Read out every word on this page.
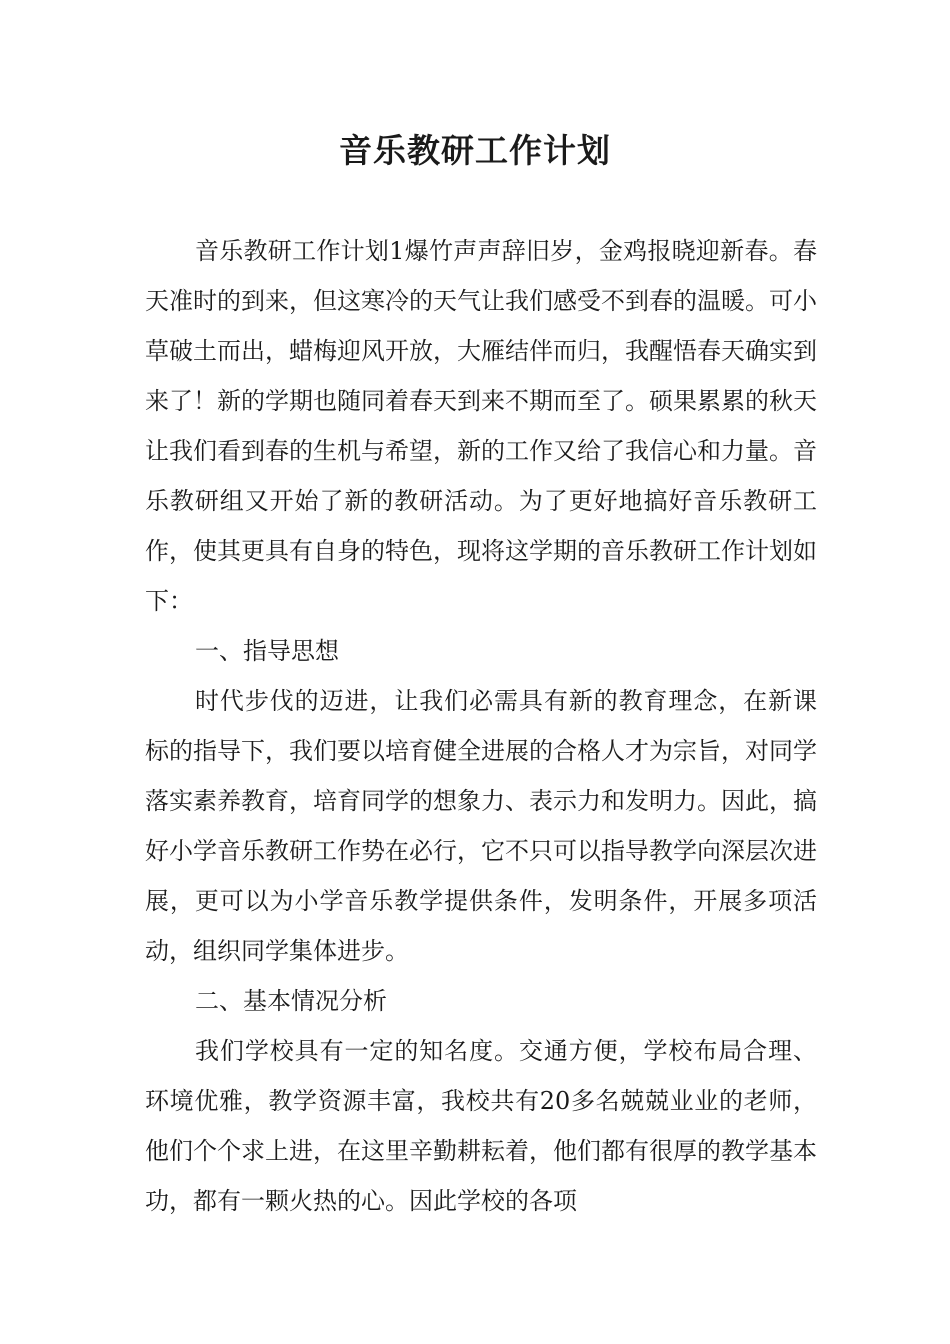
音乐教研工作计划

音乐教研工作计划1爆竹声声辞旧岁，金鸡报晓迎新春。春天准时的到来，但这寒冷的天气让我们感受不到春的温暖。可小草破土而出，蜡梅迎风开放，大雁结伴而归，我醒悟春天确实到来了！新的学期也随同着春天到来不期而至了。硕果累累的秋天让我们看到春的生机与希望，新的工作又给了我信心和力量。音乐教研组又开始了新的教研活动。为了更好地搞好音乐教研工作，使其更具有自身的特色，现将这学期的音乐教研工作计划如下：

一、指导思想

时代步伐的迈进，让我们必需具有新的教育理念，在新课标的指导下，我们要以培育健全进展的合格人才为宗旨，对同学落实素养教育，培育同学的想象力、表示力和发明力。因此，搞好小学音乐教研工作势在必行，它不只可以指导教学向深层次进展，更可以为小学音乐教学提供条件，发明条件，开展多项活动，组织同学集体进步。

二、基本情况分析

我们学校具有一定的知名度。交通方便，学校布局合理、环境优雅，教学资源丰富，我校共有20多名兢兢业业的老师，他们个个求上进，在这里辛勤耕耘着，他们都有很厚的教学基本功，都有一颗火热的心。因此学校的各项
